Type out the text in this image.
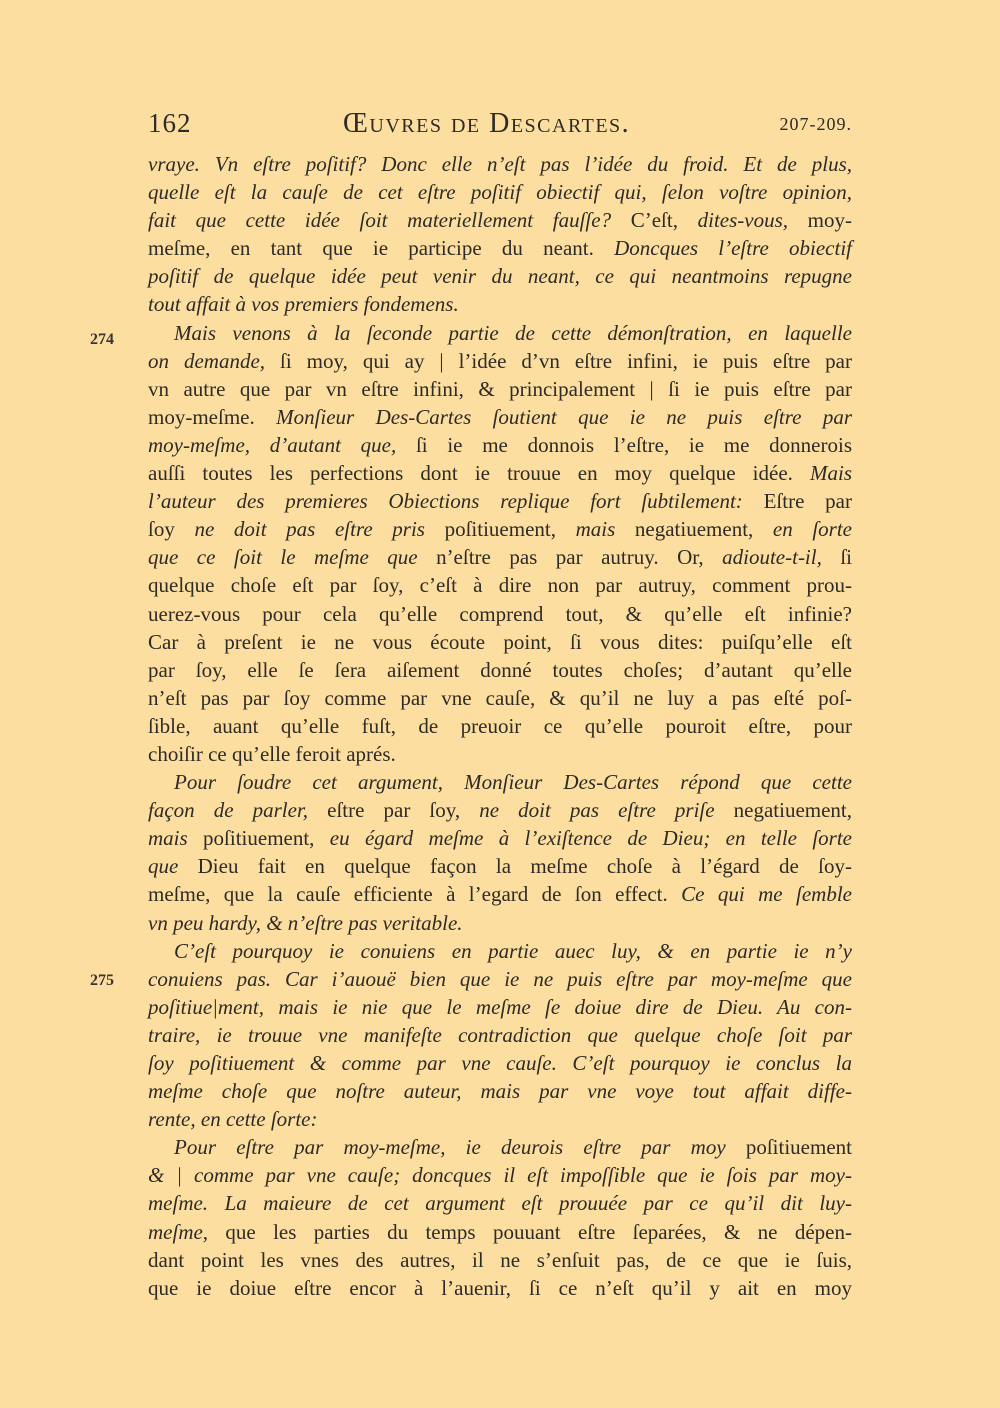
162	Œuvres de Descartes.	207-209.
274
275
vraye. Vn eſtre poſitif? Donc elle n’eſt pas l’idée du froid. Et de plus,
quelle eſt la cauſe de cet eſtre poſitif obiectif qui, ſelon voſtre opinion,
fait que cette idée ſoit materiellement fauſſe? C’eſt, dites-vous, moy-
meſme, en tant que ie participe du neant. Doncques l’eſtre obiectif
poſitif de quelque idée peut venir du neant, ce qui neantmoins repugne
tout affait à vos premiers fondemens.
Mais venons à la ſeconde partie de cette démonſtration, en laquelle
on demande, ſi moy, qui ay | l’idée d’vn eſtre infini, ie puis eſtre par
vn autre que par vn eſtre infini, & principalement | ſi ie puis eſtre par
moy-meſme. Monſieur Des-Cartes ſoutient que ie ne puis eſtre par
moy-meſme, d’autant que, ſi ie me donnois l’eſtre, ie me donnerois
auſſi toutes les perfections dont ie trouue en moy quelque idée. Mais
l’auteur des premieres Obiections replique fort ſubtilement: Eſtre par
ſoy ne doit pas eſtre pris poſitiuement, mais negatiuement, en ſorte
que ce ſoit le meſme que n’eſtre pas par autruy. Or, adioute-t-il, ſi
quelque choſe eſt par ſoy, c’eſt à dire non par autruy, comment prou-
uerez-vous pour cela qu’elle comprend tout, & qu’elle eſt infinie?
Car à preſent ie ne vous écoute point, ſi vous dites: puiſqu’elle eſt
par ſoy, elle ſe ſera aiſement donné toutes choſes; d’autant qu’elle
n’eſt pas par ſoy comme par vne cauſe, & qu’il ne luy a pas eſté poſ-
ſible, auant qu’elle fuſt, de preuoir ce qu’elle pouroit eſtre, pour
choiſir ce qu’elle feroit aprés.
Pour ſoudre cet argument, Monſieur Des-Cartes répond que cette
façon de parler, eſtre par ſoy, ne doit pas eſtre priſe negatiuement,
mais poſitiuement, eu égard meſme à l’exiſtence de Dieu; en telle ſorte
que Dieu fait en quelque façon la meſme choſe à l’égard de ſoy-
meſme, que la cauſe efficiente à l’egard de ſon effect. Ce qui me ſemble
vn peu hardy, & n’eſtre pas veritable.
C’eſt pourquoy ie conuiens en partie auec luy, & en partie ie n’y
conuiens pas. Car i’auouë bien que ie ne puis eſtre par moy-meſme que
poſitiue|ment, mais ie nie que le meſme ſe doiue dire de Dieu. Au con-
traire, ie trouue vne manifeſte contradiction que quelque choſe ſoit par
ſoy poſitiuement & comme par vne cauſe. C’eſt pourquoy ie conclus la
meſme choſe que noſtre auteur, mais par vne voye tout affait diffe-
rente, en cette ſorte:
Pour eſtre par moy-meſme, ie deurois eſtre par moy poſitiuement
& | comme par vne cauſe; doncques il eſt impoſſible que ie ſois par moy-
meſme. La maieure de cet argument eſt prouuée par ce qu’il dit luy-
meſme, que les parties du temps pouuant eſtre ſeparées, & ne dépen-
dant point les vnes des autres, il ne s’enſuit pas, de ce que ie ſuis,
que ie doiue eſtre encor à l’auenir, ſi ce n’eſt qu’il y ait en moy
